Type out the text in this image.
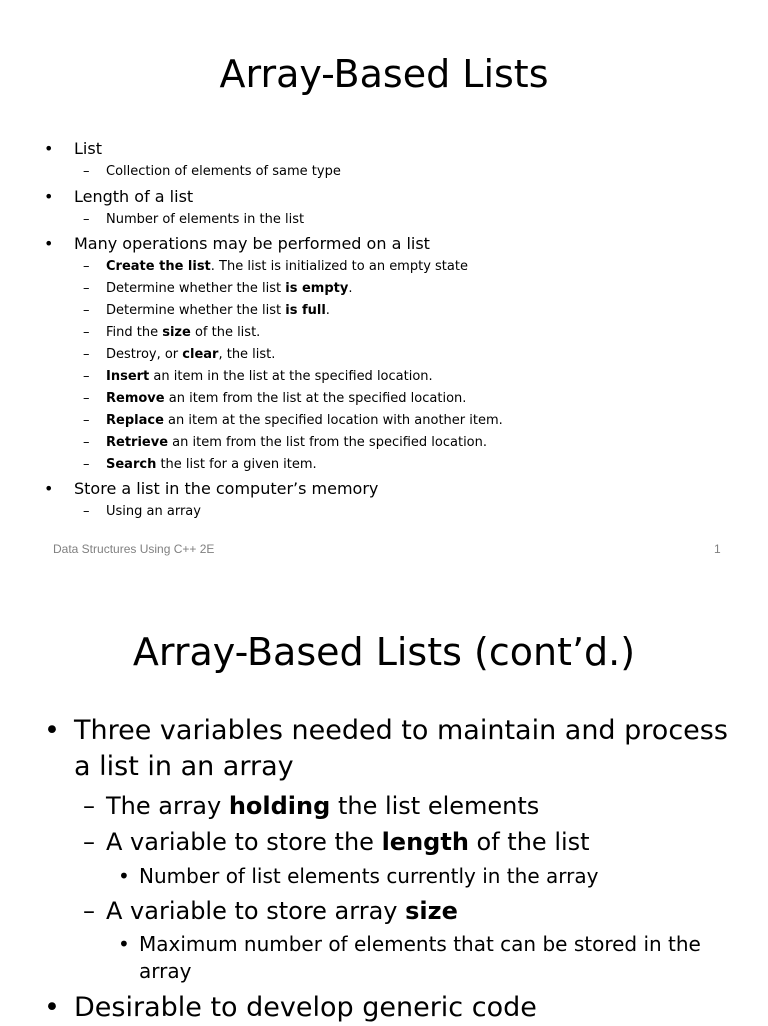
Array-Based Lists
• List
– Collection of elements of same type
• Length of a list
– Number of elements in the list
• Many operations may be performed on a list
– Create the list. The list is initialized to an empty state
– Determine whether the list is empty.
– Determine whether the list is full.
– Find the size of the list.
– Destroy, or clear, the list.
– Insert an item in the list at the specified location.
– Remove an item from the list at the specified location.
– Replace an item at the specified location with another item.
– Retrieve an item from the list from the specified location.
– Search the list for a given item.
• Store a list in the computer’s memory
– Using an array
Data Structures Using C++ 2E	1
Array-Based Lists (cont’d.)
• Three variables needed to maintain and process a list in an array
– The array holding the list elements
– A variable to store the length of the list
• Number of list elements currently in the array
– A variable to store array size
• Maximum number of elements that can be stored in the array
• Desirable to develop generic code
